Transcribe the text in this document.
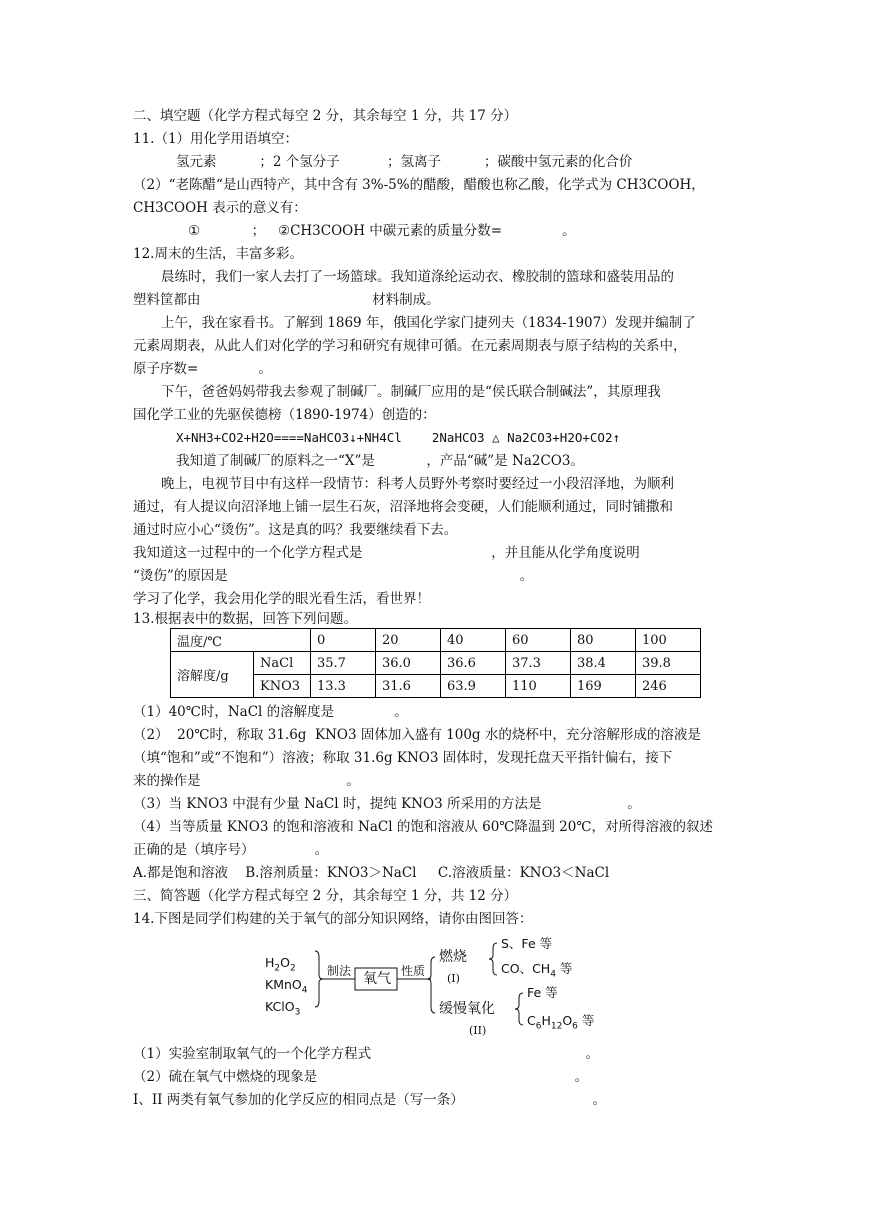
二、填空题（化学方程式每空 2 分，其余每空 1 分，共 17 分）
11.（1）用化学用语填空：
氢元素          ；2 个氢分子           ；氢离子          ；碳酸中氢元素的化合价
（2）“老陈醋“是山西特产，其中含有 3%-5%的醋酸，醋酸也称乙酸，化学式为 CH3COOH，
CH3COOH 表示的意义有：
①            ；   ②CH3COOH 中碳元素的质量分数=              。
12.周末的生活，丰富多彩。
晨练时，我们一家人去打了一场篮球。我知道涤纶运动衣、橡胶制的篮球和盛装用品的
塑料筐都由                                        材料制成。
上午，我在家看书。了解到 1869 年，俄国化学家门捷列夫（1834-1907）发现并编制了
元素周期表，从此人们对化学的学习和研究有规律可循。在元素周期表与原子结构的关系中，
原子序数=              。
下午，爸爸妈妈带我去参观了制碱厂。制碱厂应用的是“侯氏联合制碱法”，其原理我
国化学工业的先驱侯德榜（1890-1974）创造的：
X+NH3+CO2+H2O====NaHCO3↓+NH4Cl    2NaHCO3 △ Na2CO3+H2O+CO2↑
我知道了制碱厂的原料之一“X”是            ，产品“碱”是 Na2CO3。
晚上，电视节目中有这样一段情节：科考人员野外考察时要经过一小段沼泽地，为顺利
通过，有人提议向沼泽地上铺一层生石灰，沼泽地将会变硬，人们能顺利通过，同时铺撒和
通过时应小心“烫伤”。这是真的吗？我要继续看下去。
我知道这一过程中的一个化学方程式是                              ，并且能从化学角度说明
“烫伤”的原因是                                                                    。
学习了化学，我会用化学的眼光看生活，看世界！
13.根据表中的数据，回答下列问题。
温度/℃		0	20	40	60	80	100
溶解度/g	NaCl	35.7	36.0	36.6	37.3	38.4	39.8
	KNO3	13.3	31.6	63.9	110	169	246
（1）40℃时，NaCl 的溶解度是              。
（2）  20℃时，称取 31.6g  KNO3 固体加入盛有 100g 水的烧杯中，充分溶解形成的溶液是
（填“饱和”或“不饱和”）溶液；称取 31.6g KNO3 固体时，发现托盘天平指针偏右，接下
来的操作是                                  。
（3）当 KNO3 中混有少量 NaCl 时，提纯 KNO3 所采用的方法是                    。
（4）当等质量 KNO3 的饱和溶液和 NaCl 的饱和溶液从 60℃降温到 20℃，对所得溶液的叙述
正确的是（填序号）              。
A.都是饱和溶液    B.溶剂质量：KNO3＞NaCl     C.溶液质量：KNO3＜NaCl
三、简答题（化学方程式每空 2 分，其余每空 1 分，共 12 分）
14.下图是同学们构建的关于氧气的部分知识网络，请你由图回答：
$H_2O_2$
KMnO$_4$
KClO$_3$
制法 氧气 性质
燃烧
(I)
S、Fe 等
CO、$CH_4$ 等
缓慢氧化
(II)
Fe 等
$C_6H_{12}O_6$ 等
（1）实验室制取氧气的一个化学方程式                                                  。
（2）硫在氧气中燃烧的现象是                                                            。
I、II 两类有氧气参加的化学反应的相同点是（写一条）                              。
